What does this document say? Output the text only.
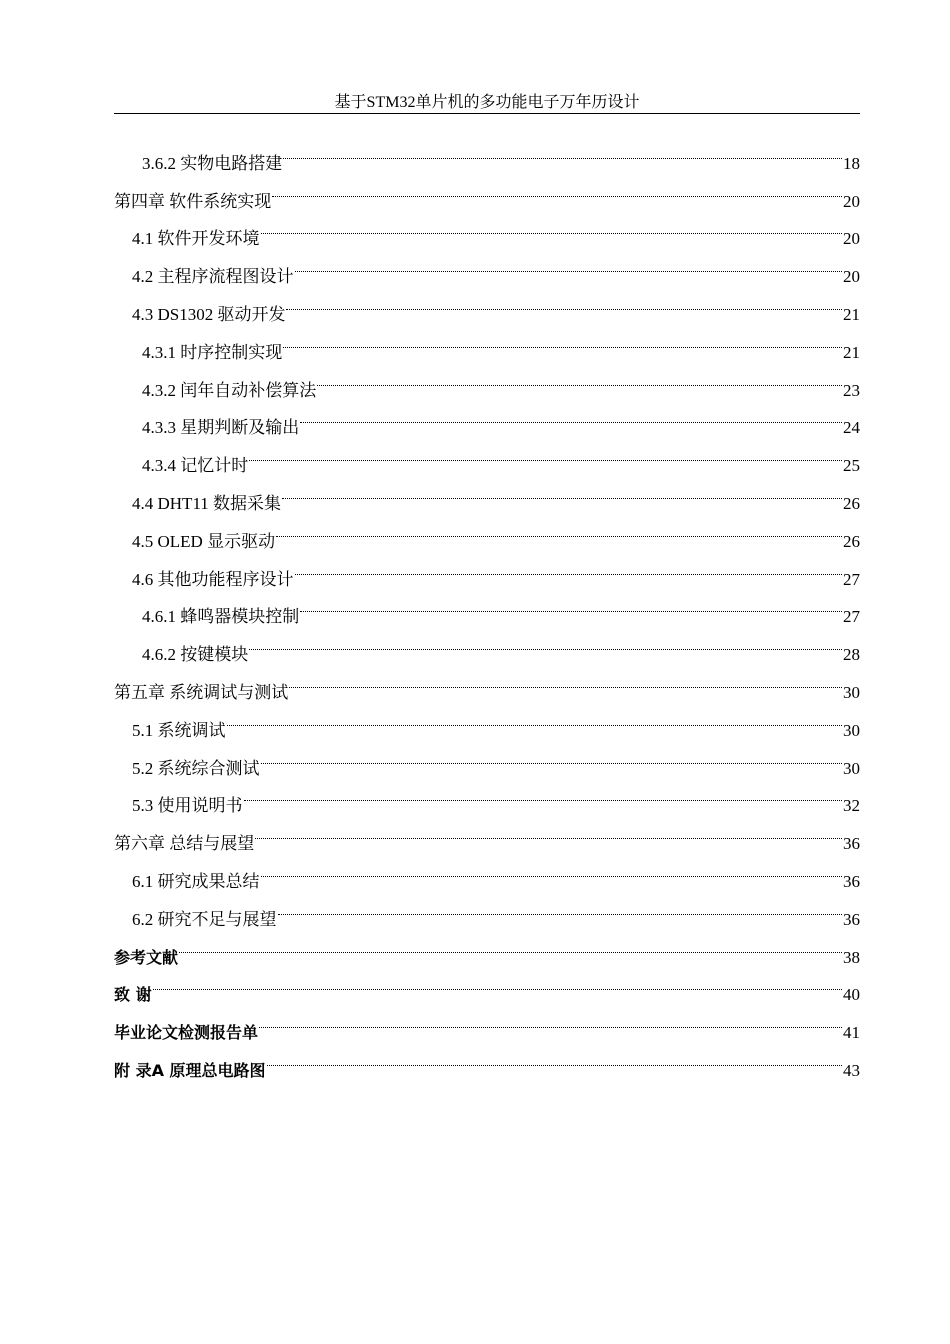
基于STM32单片机的多功能电子万年历设计
3.6.2 实物电路搭建	18
第四章 软件系统实现	20
4.1 软件开发环境	20
4.2 主程序流程图设计	20
4.3 DS1302 驱动开发	21
4.3.1 时序控制实现	21
4.3.2 闰年自动补偿算法	23
4.3.3 星期判断及输出	24
4.3.4 记忆计时	25
4.4 DHT11 数据采集	26
4.5 OLED 显示驱动	26
4.6 其他功能程序设计	27
4.6.1 蜂鸣器模块控制	27
4.6.2 按键模块	28
第五章 系统调试与测试	30
5.1 系统调试	30
5.2 系统综合测试	30
5.3 使用说明书	32
第六章 总结与展望	36
6.1 研究成果总结	36
6.2 研究不足与展望	36
参考文献	38
致 谢	40
毕业论文检测报告单	41
附 录A 原理总电路图	43
